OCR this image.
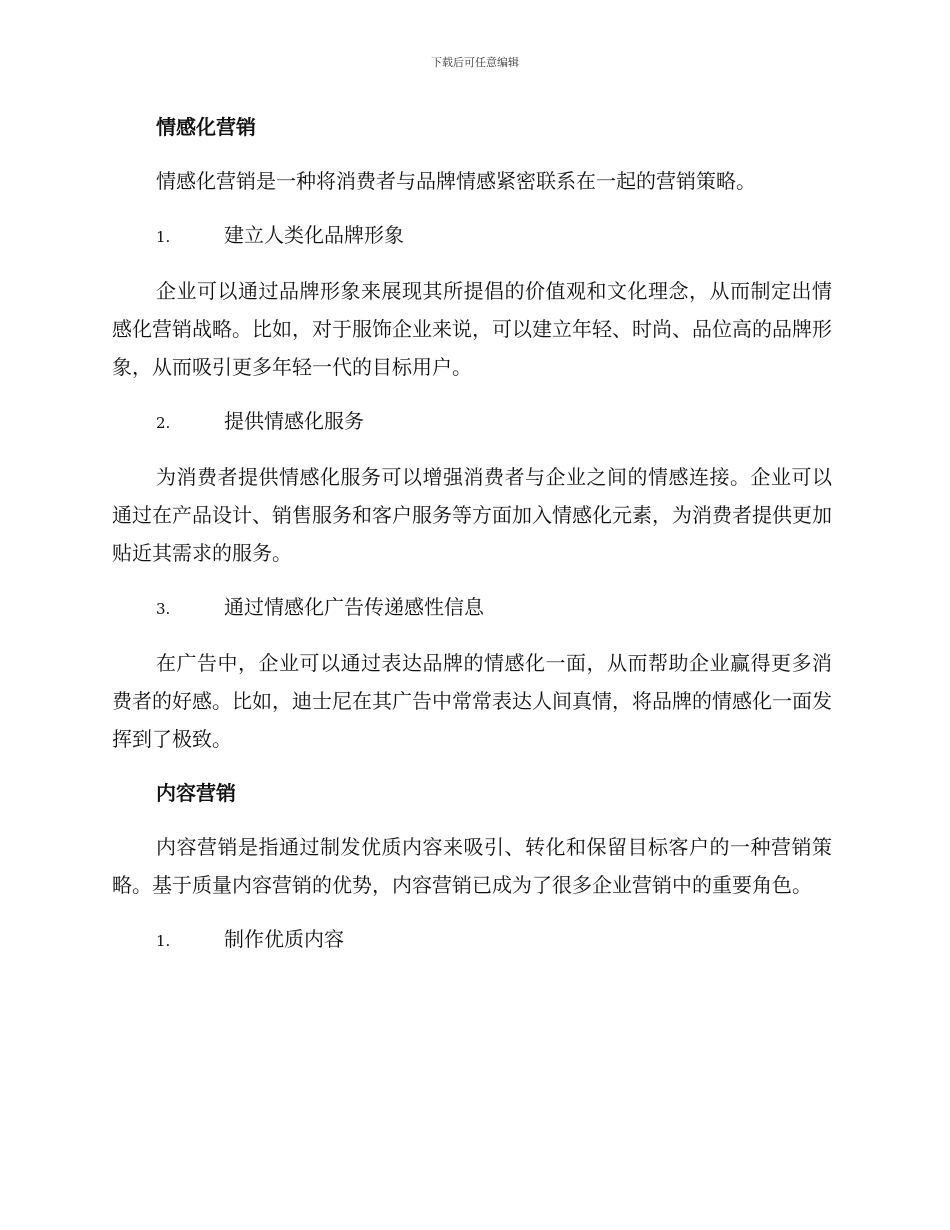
下载后可任意编辑
情感化营销

情感化营销是一种将消费者与品牌情感紧密联系在一起的营销策略。

1.	建立人类化品牌形象

企业可以通过品牌形象来展现其所提倡的价值观和文化理念，从而制定出情感化营销战略。比如，对于服饰企业来说，可以建立年轻、时尚、品位高的品牌形象，从而吸引更多年轻一代的目标用户。

2.	提供情感化服务

为消费者提供情感化服务可以增强消费者与企业之间的情感连接。企业可以通过在产品设计、销售服务和客户服务等方面加入情感化元素，为消费者提供更加贴近其需求的服务。

3.	通过情感化广告传递感性信息

在广告中，企业可以通过表达品牌的情感化一面，从而帮助企业赢得更多消费者的好感。比如，迪士尼在其广告中常常表达人间真情，将品牌的情感化一面发挥到了极致。

内容营销

内容营销是指通过制发优质内容来吸引、转化和保留目标客户的一种营销策略。基于质量内容营销的优势，内容营销已成为了很多企业营销中的重要角色。

1.	制作优质内容
